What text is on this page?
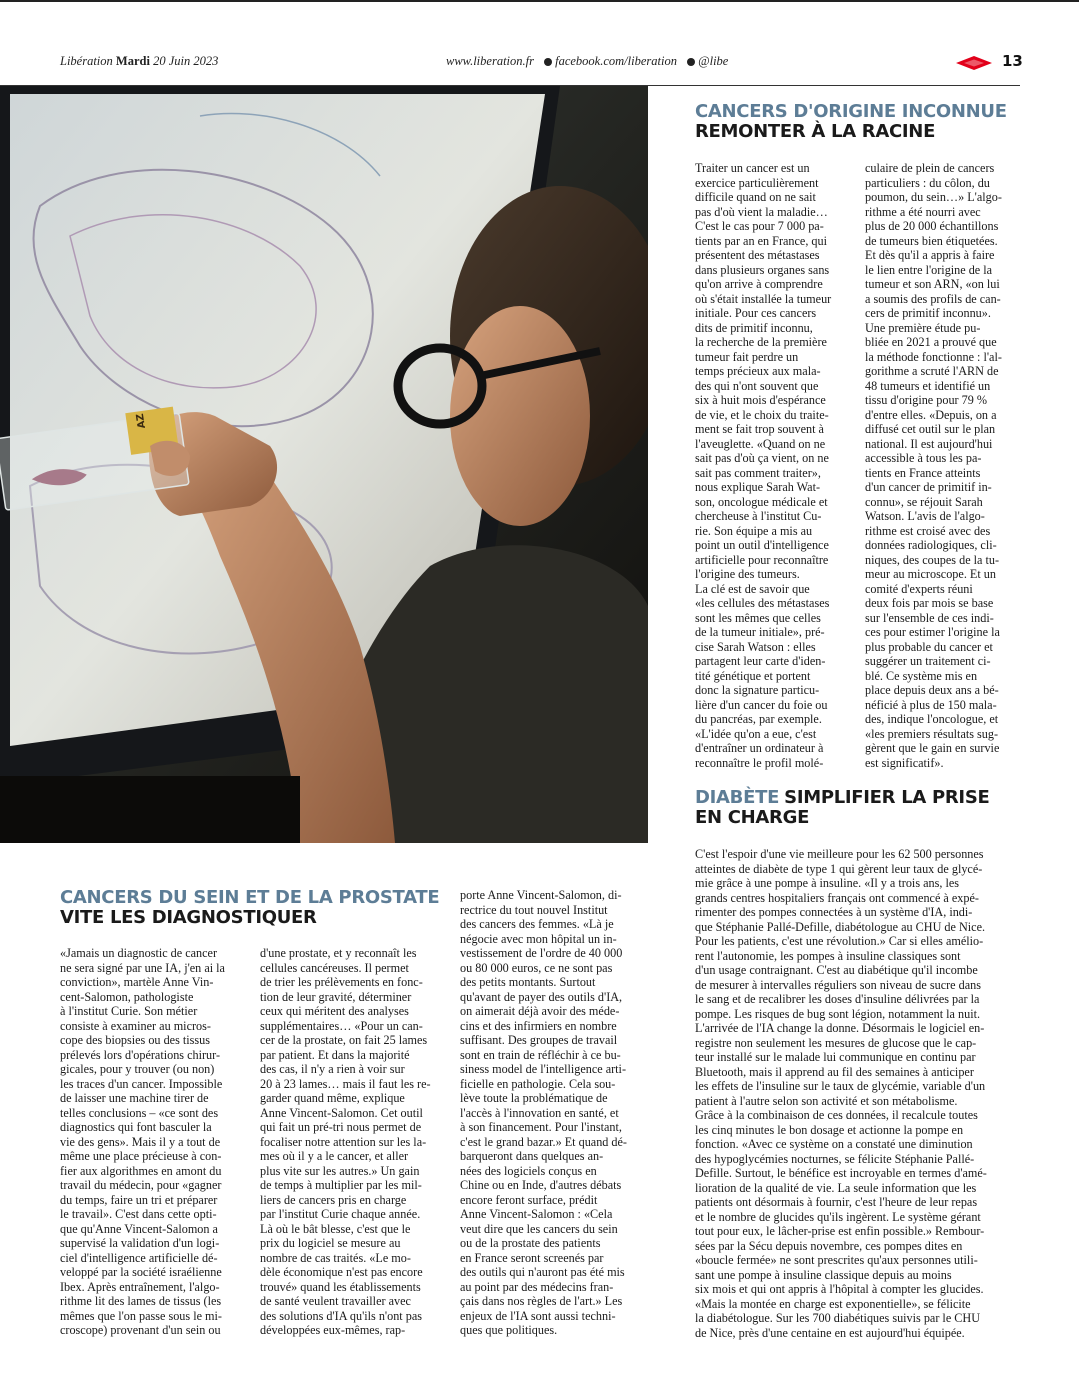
Libération Mardi 20 Juin 2023	www.liberation.fr facebook.com/liberation @libe	13
AZ
CANCERS D'ORIGINE INCONNUE
REMONTER À LA RACINE
Traiter un cancer est un
exercice particulièrement
difficile quand on ne sait
pas d'où vient la maladie…
C'est le cas pour 7 000 pa-
tients par an en France, qui
présentent des métastases
dans plusieurs organes sans
qu'on arrive à comprendre
où s'était installée la tumeur
initiale. Pour ces cancers
dits de primitif inconnu,
la recherche de la première
tumeur fait perdre un
temps précieux aux mala-
des qui n'ont souvent que
six à huit mois d'espérance
de vie, et le choix du traite-
ment se fait trop souvent à
l'aveuglette. «Quand on ne
sait pas d'où ça vient, on ne
sait pas comment traiter»,
nous explique Sarah Wat-
son, oncologue médicale et
chercheuse à l'institut Cu-
rie. Son équipe a mis au
point un outil d'intelligence
artificielle pour reconnaître
l'origine des tumeurs.
La clé est de savoir que
«les cellules des métastases
sont les mêmes que celles
de la tumeur initiale», pré-
cise Sarah Watson : elles
partagent leur carte d'iden-
tité génétique et portent
donc la signature particu-
lière d'un cancer du foie ou
du pancréas, par exemple.
«L'idée qu'on a eue, c'est
d'entraîner un ordinateur à
reconnaître le profil molé-
culaire de plein de cancers
particuliers : du côlon, du
poumon, du sein…» L'algo-
rithme a été nourri avec
plus de 20 000 échantillons
de tumeurs bien étiquetées.
Et dès qu'il a appris à faire
le lien entre l'origine de la
tumeur et son ARN, «on lui
a soumis des profils de can-
cers de primitif inconnu».
Une première étude pu-
bliée en 2021 a prouvé que
la méthode fonctionne : l'al-
gorithme a scruté l'ARN de
48 tumeurs et identifié un
tissu d'origine pour 79 %
d'entre elles. «Depuis, on a
diffusé cet outil sur le plan
national. Il est aujourd'hui
accessible à tous les pa-
tients en France atteints
d'un cancer de primitif in-
connu», se réjouit Sarah
Watson. L'avis de l'algo-
rithme est croisé avec des
données radiologiques, cli-
niques, des coupes de la tu-
meur au microscope. Et un
comité d'experts réuni
deux fois par mois se base
sur l'ensemble de ces indi-
ces pour estimer l'origine la
plus probable du cancer et
suggérer un traitement ci-
blé. Ce système mis en
place depuis deux ans a bé-
néficié à plus de 150 mala-
des, indique l'oncologue, et
«les premiers résultats sug-
gèrent que le gain en survie
est significatif».
DIABÈTE SIMPLIFIER LA PRISE
EN CHARGE
C'est l'espoir d'une vie meilleure pour les 62 500 personnes
atteintes de diabète de type 1 qui gèrent leur taux de glycé-
mie grâce à une pompe à insuline. «Il y a trois ans, les
grands centres hospitaliers français ont commencé à expé-
rimenter des pompes connectées à un système d'IA, indi-
que Stéphanie Pallé-Defille, diabétologue au CHU de Nice.
Pour les patients, c'est une révolution.» Car si elles amélio-
rent l'autonomie, les pompes à insuline classiques sont
d'un usage contraignant. C'est au diabétique qu'il incombe
de mesurer à intervalles réguliers son niveau de sucre dans
le sang et de recalibrer les doses d'insuline délivrées par la
pompe. Les risques de bug sont légion, notamment la nuit.
L'arrivée de l'IA change la donne. Désormais le logiciel en-
registre non seulement les mesures de glucose que le cap-
teur installé sur le malade lui communique en continu par
Bluetooth, mais il apprend au fil des semaines à anticiper
les effets de l'insuline sur le taux de glycémie, variable d'un
patient à l'autre selon son activité et son métabolisme.
Grâce à la combinaison de ces données, il recalcule toutes
les cinq minutes le bon dosage et actionne la pompe en
fonction. «Avec ce système on a constaté une diminution
des hypoglycémies nocturnes, se félicite Stéphanie Pallé-
Defille. Surtout, le bénéfice est incroyable en termes d'amé-
lioration de la qualité de vie. La seule information que les
patients ont désormais à fournir, c'est l'heure de leur repas
et le nombre de glucides qu'ils ingèrent. Le système gérant
tout pour eux, le lâcher-prise est enfin possible.» Rembour-
sées par la Sécu depuis novembre, ces pompes dites en
«boucle fermée» ne sont prescrites qu'aux personnes utili-
sant une pompe à insuline classique depuis au moins
six mois et qui ont appris à l'hôpital à compter les glucides.
«Mais la montée en charge est exponentielle», se félicite
la diabétologue. Sur les 700 diabétiques suivis par le CHU
de Nice, près d'une centaine en est aujourd'hui équipée.
CANCERS DU SEIN ET DE LA PROSTATE
VITE LES DIAGNOSTIQUER
«Jamais un diagnostic de cancer
ne sera signé par une IA, j'en ai la
conviction», martèle Anne Vin-
cent-Salomon, pathologiste
à l'institut Curie. Son métier
consiste à examiner au micros-
cope des biopsies ou des tissus
prélevés lors d'opérations chirur-
gicales, pour y trouver (ou non)
les traces d'un cancer. Impossible
de laisser une machine tirer de
telles conclusions – «ce sont des
diagnostics qui font basculer la
vie des gens». Mais il y a tout de
même une place précieuse à con-
fier aux algorithmes en amont du
travail du médecin, pour «gagner
du temps, faire un tri et préparer
le travail». C'est dans cette opti-
que qu'Anne Vincent-Salomon a
supervisé la validation d'un logi-
ciel d'intelligence artificielle dé-
veloppé par la société israélienne
Ibex. Après entraînement, l'algo-
rithme lit des lames de tissus (les
mêmes que l'on passe sous le mi-
croscope) provenant d'un sein ou
d'une prostate, et y reconnaît les
cellules cancéreuses. Il permet
de trier les prélèvements en fonc-
tion de leur gravité, déterminer
ceux qui méritent des analyses
supplémentaires… «Pour un can-
cer de la prostate, on fait 25 lames
par patient. Et dans la majorité
des cas, il n'y a rien à voir sur
20 à 23 lames… mais il faut les re-
garder quand même, explique
Anne Vincent-Salomon. Cet outil
qui fait un pré-tri nous permet de
focaliser notre attention sur les la-
mes où il y a le cancer, et aller
plus vite sur les autres.» Un gain
de temps à multiplier par les mil-
liers de cancers pris en charge
par l'institut Curie chaque année.
Là où le bât blesse, c'est que le
prix du logiciel se mesure au
nombre de cas traités. «Le mo-
dèle économique n'est pas encore
trouvé» quand les établissements
de santé veulent travailler avec
des solutions d'IA qu'ils n'ont pas
développées eux-mêmes, rap-
porte Anne Vincent-Salomon, di-
rectrice du tout nouvel Institut
des cancers des femmes. «Là je
négocie avec mon hôpital un in-
vestissement de l'ordre de 40 000
ou 80 000 euros, ce ne sont pas
des petits montants. Surtout
qu'avant de payer des outils d'IA,
on aimerait déjà avoir des méde-
cins et des infirmiers en nombre
suffisant. Des groupes de travail
sont en train de réfléchir à ce bu-
siness model de l'intelligence arti-
ficielle en pathologie. Cela sou-
lève toute la problématique de
l'accès à l'innovation en santé, et
à son financement. Pour l'instant,
c'est le grand bazar.» Et quand dé-
barqueront dans quelques an-
nées des logiciels conçus en
Chine ou en Inde, d'autres débats
encore feront surface, prédit
Anne Vincent-Salomon : «Cela
veut dire que les cancers du sein
ou de la prostate des patients
en France seront screenés par
des outils qui n'auront pas été mis
au point par des médecins fran-
çais dans nos règles de l'art.» Les
enjeux de l'IA sont aussi techni-
ques que politiques.
